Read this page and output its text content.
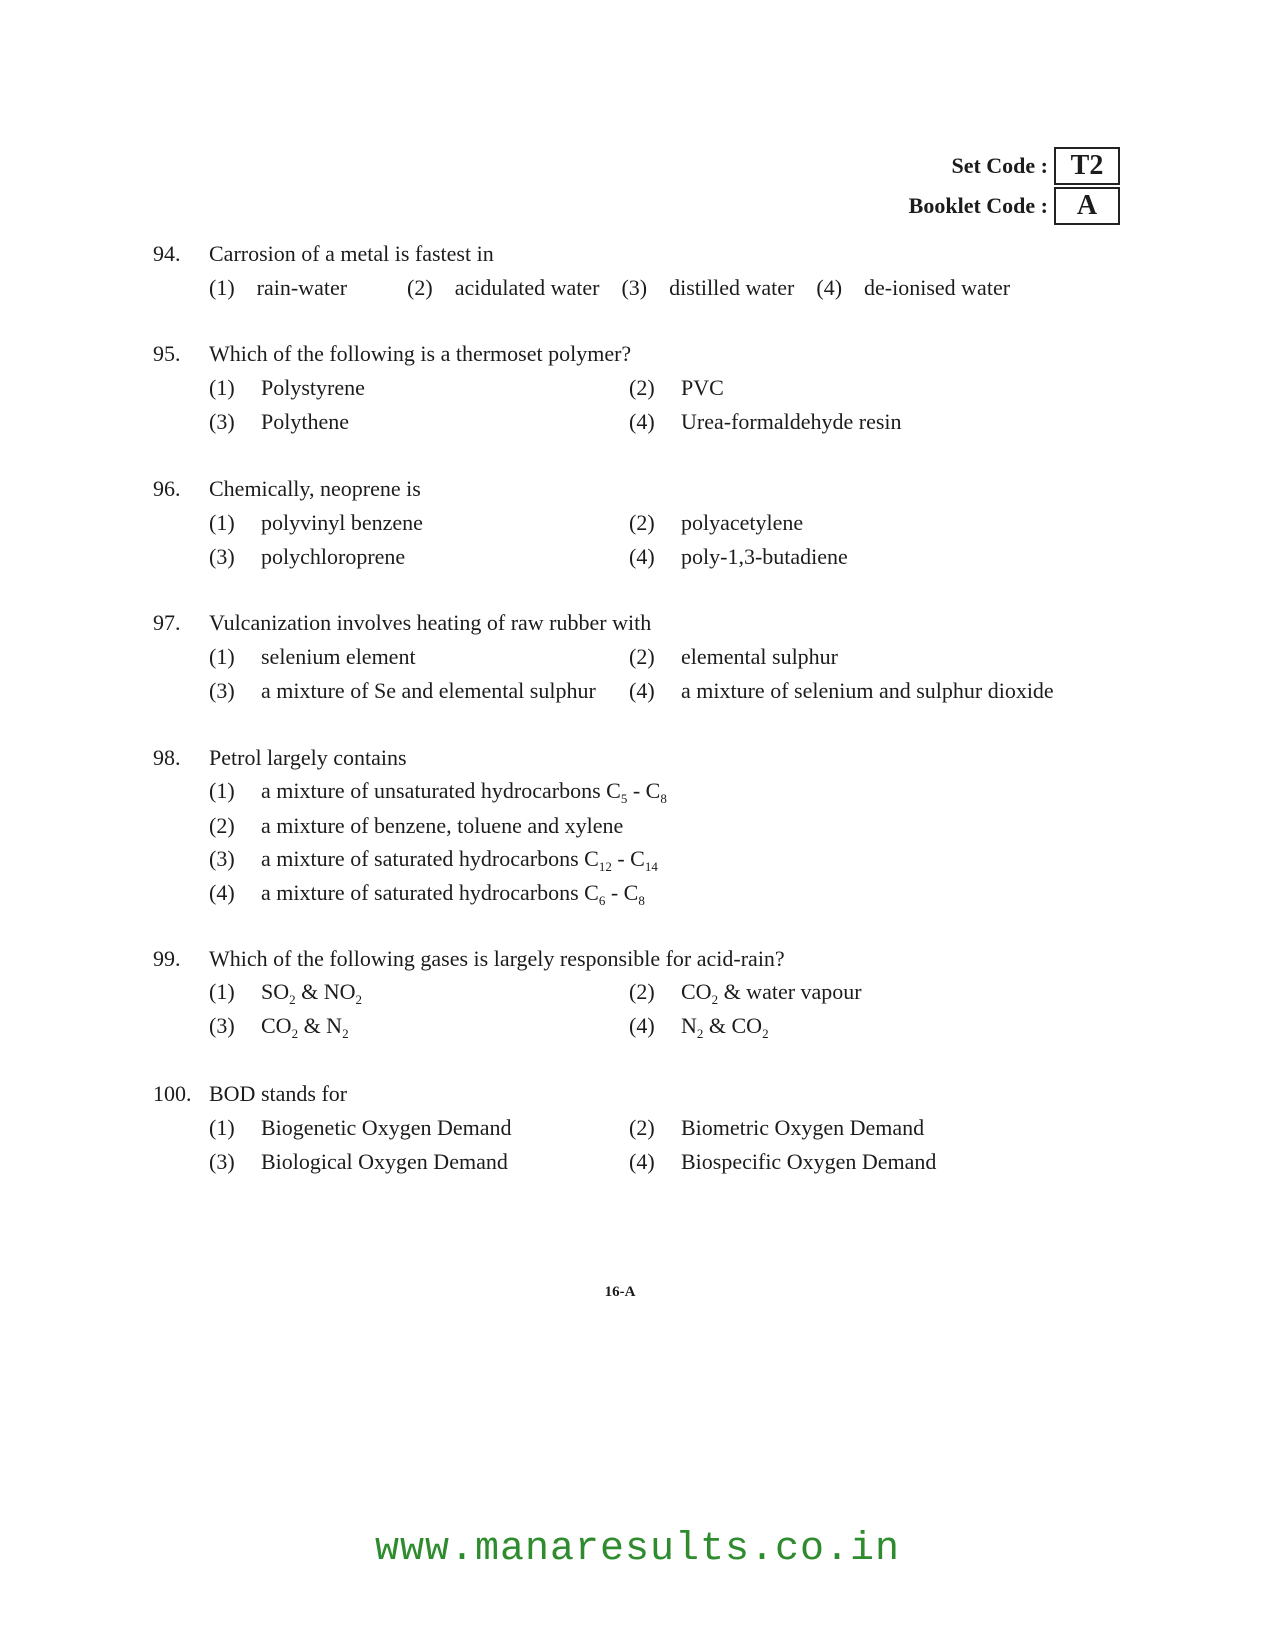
Set Code : T2
Booklet Code :	A
94.	Carrosion of a metal is fastest in
(1) rain-water	(2) acidulated water (3) distilled water (4) de-ionised water
95.	Which of the following is a thermoset polymer?
(1)	Polystyrene	(2)	PVC
(3)	Polythene	(4)	Urea-formaldehyde resin
96.	Chemically, neoprene is
(1)	polyvinyl benzene	(2)	polyacetylene
(3)	polychloroprene	(4)	poly-1,3-butadiene
97.	Vulcanization involves heating of raw rubber with
(1)	selenium element	(2)	elemental sulphur
(3)	a mixture of Se and elemental sulphur (4)	a mixture of selenium and sulphur dioxide
98.	Petrol largely contains
(1)	a mixture of unsaturated hydrocarbons $C_5 - C_8$
(2)	a mixture of benzene, toluene and xylene
(3)	a mixture of saturated hydrocarbons $C_{12} - C_{14}$
(4)	a mixture of saturated hydrocarbons $C_6 - C_8$
99.	Which of the following gases is largely responsible for acid-rain?
(1)	$SO_2$ & $NO_2$	(2)	$CO_2$ & water vapour
(3)	$CO_2$ & $N_2$	(4)	$N_2$ & $CO_2$
100. BOD stands for
(1)	Biogenetic Oxygen Demand	(2)	Biometric Oxygen Demand
(3)	Biological Oxygen Demand	(4)	Biospecific Oxygen Demand
16-A
www.manaresults.co.in
